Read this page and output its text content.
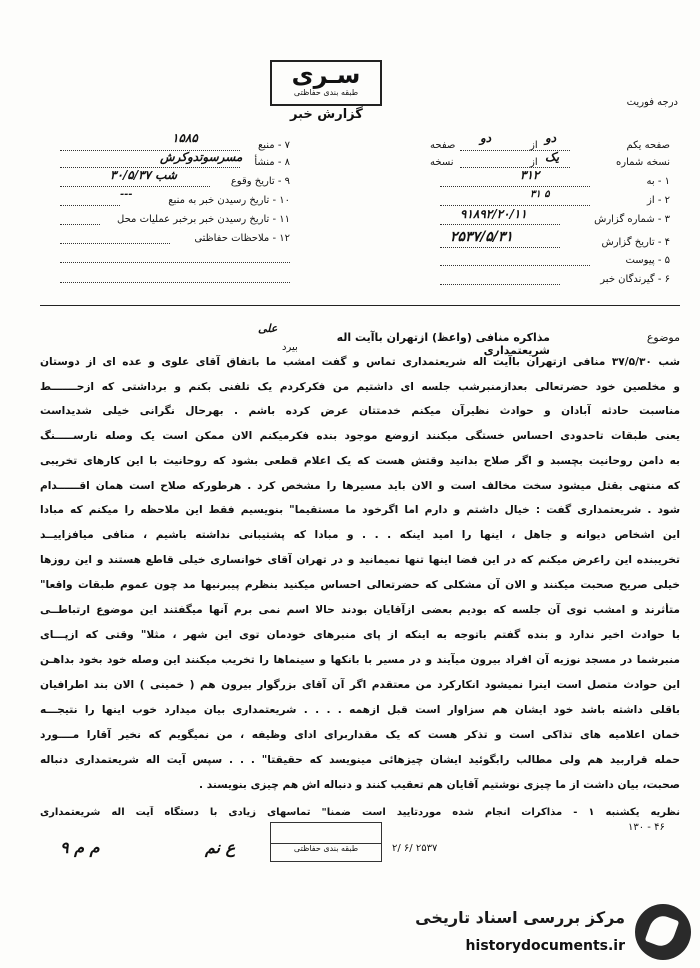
سـری
طبقه بندی حفاظتی
درجه فوریت
گزارش خبر
۷ - منبع
۱۵۸۵
۸ - منشأ
مسرسوتدوکرش
۹ - تاریخ وقوع
شب ۳۰/۵/۳۷
۱۰ - تاریخ رسیدن خبر به منبع
---
۱۱ - تاریخ رسیدن خبر برخبر عملیات محل
۱۲ - ملاحظات حفاظتی
صفحه یکم
دو
از
دو
صفحه
نسخه شماره
یک
از
نسخه
۱ - به
۳۱۲
۲ - از
۳۱ ۵
۳ - شماره گزارش
۹۱۸۹۲/۲۰/۱۱
۴ - تاریخ گزارش
۲۵۳۷/۵/۳۱
۵ - پیوست
۶ - گیرندگان خبر
موضوع
مذاکره منافی (واعظ) ازتهران باآیت اله شریعتمداری
علی
بیرد
شب ۳۷/۵/۳۰ منافی ازتهران باآیت اله شریعتمداری تماس و گفت امشب ما باتفاق آقای علوی و عده ای از دوستان
و مخلصین خود حضرتعالی بعدازمنبرشب جلسه ای داشتیم من فکرکردم یک تلفنی بکنم و برداشتی که ازحـــــــط
مناسبت حادثه آبادان و حوادث نظیرآن میکنم خدمتتان عرض کرده باشم . بهرحال نگرانی خیلی شدیداست
یعنی طبقات تاحدودی احساس خستگی میکنند ازوضع موجود بنده فکرمیکنم الان ممکن است یک وصله نارســـــنگ
به دامن روحانیت بچسبد و اگر صلاح بدانید وقتش هست که یک اعلام قطعی بشود که روحانیت با این کارهای تخریبی
که منتهی بقتل میشود سخت مخالف است و الان باید مسیرها را مشخص کرد . هرطورکه صلاح است همان اقــــــدام
شود . شریعتمداری گفت : خیال داشتم و دارم اما اگرخود ما مستقیما" بنویسیم فقط این ملاحظه را میکنم که مبادا
این اشخاص دیوانه و جاهل ، اینها را امید اینکه . . . و مبادا که پشتیبانی نداشته باشیم ، منافی میافزاییــد
تخریبنده این راعرض میکنم که در این فضا اینها تنها نمیمانید و در تهران آقای خوانساری خیلی قاطع هستند و این روزها
خیلی صریح صحبت میکنند و الان آن مشکلی که حضرتعالی احساس میکنید بنظرم پیبرنیها مد چون عموم طبقات واقعا"
متأثرند و امشب توی آن جلسه که بودیم بعضی ازآقایان بودند حالا اسم نمی برم آنها میگفتند این موضوع ارتباطــی
با حوادث اخیر ندارد و بنده گفتم باتوجه به اینکه از پای منبرهای خودمان توی این شهر ، مثلا" وقتی که ازپـــای
منبرشما در مسجد نوزیه آن افراد بیرون میآیند و در مسیر با بانکها و سینماها را تخریب میکنند این وصله خود بخود بداهـن
این حوادث متصل است اینرا نمیشود انکارکرد من معتقدم اگر آن آقای بزرگوار بیرون هم ( خمینی ) الان بند اطرافیان
باقلی داشته باشد خود ایشان هم سزاوار است قبل ازهمه . . . . شریعتمداری بیان میدارد خوب اینها را نتیجـــه
خمان اعلامیه های تذاکی است و تذکر هست که یک مقداربرای ادای وظیفه ، من نمیگویم که نخیر آقارا مــــورد
حمله قراربید هم ولی مطالب رابگوئید ایشان چیزهائی مینویسد که حقیقتا" . . . سپس آیت اله شریعتمداری دنباله
صحبت، بیان داشت از ما چیزی نوشتیم آقایان هم تعقیب کنند و دنباله اش هم چیزی بنویسند .
نظریه یکشنبه ۱ - مذاکرات انجام شده موردتایید است ضمنا" تماسهای زیادی با دستگاه آیت اله شریعتمداری
۱۳۰ - ۴۶
طبقه بندی حفاظتی	۲/ ۶/ ۲۵۳۷
۹ م م	ع نم
مرکز بررسی اسناد تاریخی
historydocuments.ir
